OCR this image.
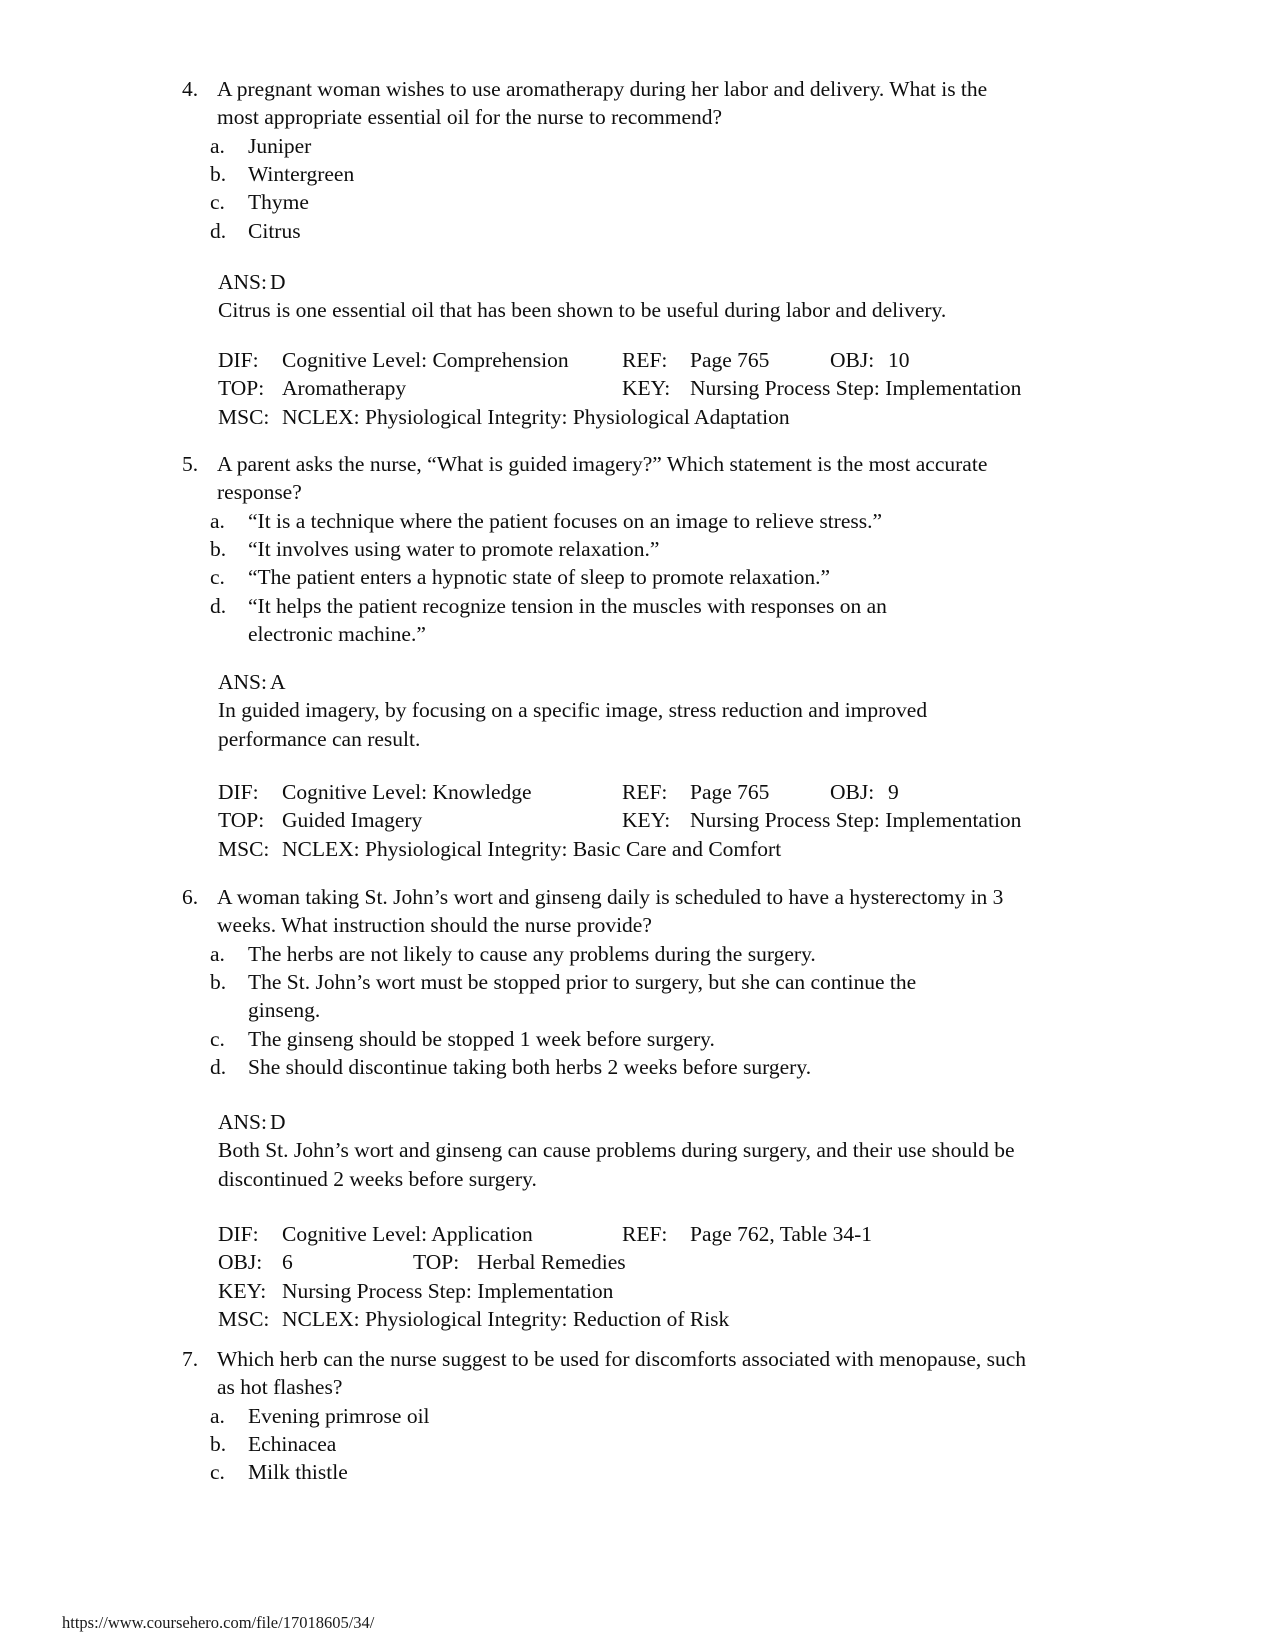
4. A pregnant woman wishes to use aromatherapy during her labor and delivery. What is the
most appropriate essential oil for the nurse to recommend?
a. Juniper
b. Wintergreen
c. Thyme
d. Citrus
ANS: D
Citrus is one essential oil that has been shown to be useful during labor and delivery.
DIF: Cognitive Level: Comprehension REF: Page 765	OBJ: 10
TOP: Aromatherapy	KEY: Nursing Process Step: Implementation
MSC: NCLEX: Physiological Integrity: Physiological Adaptation
5. A parent asks the nurse, “What is guided imagery?” Which statement is the most accurate
response?
a. “It is a technique where the patient focuses on an image to relieve stress.”
b. “It involves using water to promote relaxation.”
c. “The patient enters a hypnotic state of sleep to promote relaxation.”
d. “It helps the patient recognize tension in the muscles with responses on an
electronic machine.”
ANS: A
In guided imagery, by focusing on a specific image, stress reduction and improved
performance can result.
DIF: Cognitive Level: Knowledge	REF: Page 765	OBJ: 9
TOP: Guided Imagery	KEY: Nursing Process Step: Implementation
MSC: NCLEX: Physiological Integrity: Basic Care and Comfort
6. A woman taking St. John’s wort and ginseng daily is scheduled to have a hysterectomy in 3
weeks. What instruction should the nurse provide?
a. The herbs are not likely to cause any problems during the surgery.
b. The St. John’s wort must be stopped prior to surgery, but she can continue the
ginseng.
c. The ginseng should be stopped 1 week before surgery.
d. She should discontinue taking both herbs 2 weeks before surgery.
ANS: D
Both St. John’s wort and ginseng can cause problems during surgery, and their use should be
discontinued 2 weeks before surgery.
DIF: Cognitive Level: Application	REF: Page 762, Table 34-1
OBJ: 6	TOP: Herbal Remedies
KEY: Nursing Process Step: Implementation
MSC: NCLEX: Physiological Integrity: Reduction of Risk
7. Which herb can the nurse suggest to be used for discomforts associated with menopause, such
as hot flashes?
a. Evening primrose oil
b. Echinacea
c. Milk thistle
https://www.coursehero.com/file/17018605/34/
